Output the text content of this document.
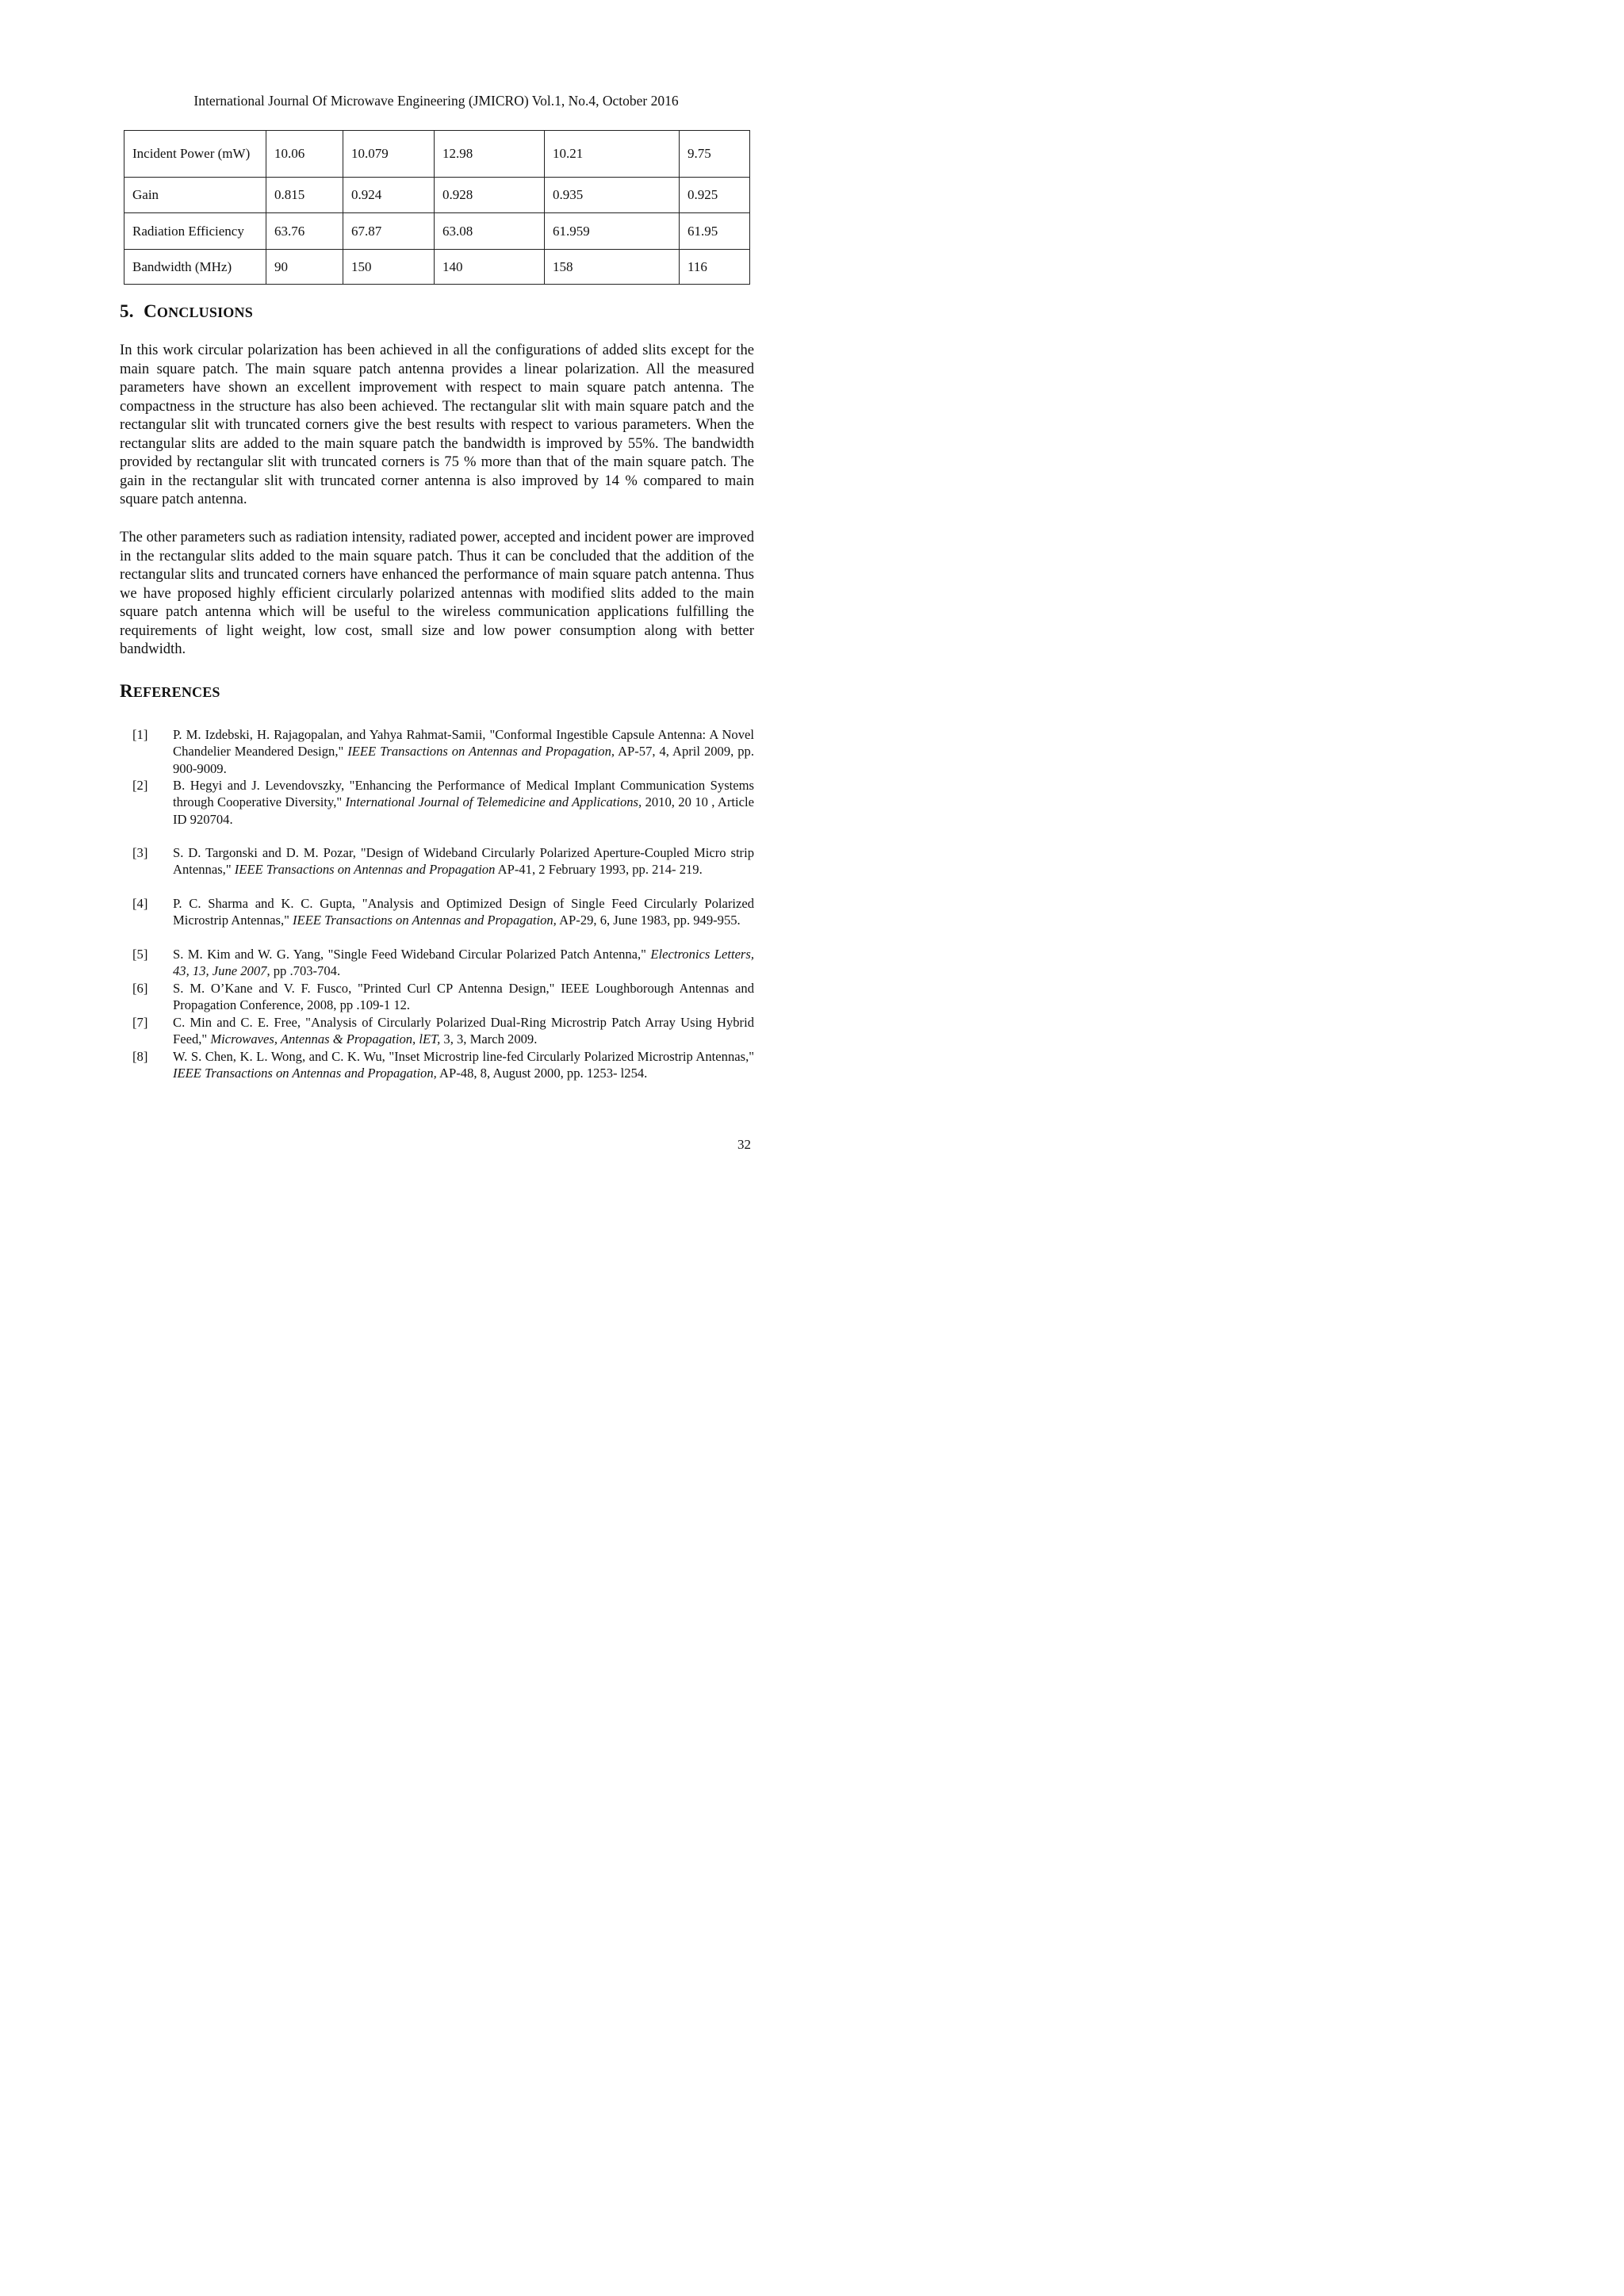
International Journal Of Microwave Engineering (JMICRO) Vol.1, No.4, October 2016
Incident Power (mW)	10.06	10.079	12.98	10.21	9.75
Gain	0.815	0.924	0.928	0.935	0.925
Radiation Efficiency	63.76	67.87	63.08	61.959	61.95
Bandwidth (MHz)	90	150	140	158	116
5. CONCLUSIONS

In this work circular polarization has been achieved in all the configurations of added slits except for the main square patch. The main square patch antenna provides a linear polarization. All the measured parameters have shown an excellent improvement with respect to main square patch antenna. The compactness in the structure has also been achieved. The rectangular slit with main square patch and the rectangular slit with truncated corners give the best results with respect to various parameters. When the rectangular slits are added to the main square patch the bandwidth is improved by 55%. The bandwidth provided by rectangular slit with truncated corners is 75 % more than that of the main square patch. The gain in the rectangular slit with truncated corner antenna is also improved by 14 % compared to main square patch antenna.

The other parameters such as radiation intensity, radiated power, accepted and incident power are improved in the rectangular slits added to the main square patch. Thus it can be concluded that the addition of the rectangular slits and truncated corners have enhanced the performance of main square patch antenna. Thus we have proposed highly efficient circularly polarized antennas with modified slits added to the main square patch antenna which will be useful to the wireless communication applications fulfilling the requirements of light weight, low cost, small size and low power consumption along with better bandwidth.

REFERENCES
[1] P. M. Izdebski, H. Rajagopalan, and Yahya Rahmat-Samii, "Conformal Ingestible Capsule Antenna: A Novel Chandelier Meandered Design," IEEE Transactions on Antennas and Propagation, AP-57, 4, April 2009, pp. 900-9009.
[2] B. Hegyi and J. Levendovszky, "Enhancing the Performance of Medical Implant Communication Systems through Cooperative Diversity," International Journal of Telemedicine and Applications, 2010, 20 10 , Article ID 920704.
[3] S. D. Targonski and D. M. Pozar, "Design of Wideband Circularly Polarized Aperture-Coupled Micro strip Antennas," IEEE Transactions on Antennas and Propagation AP-41, 2 February 1993, pp. 214- 219.
[4] P. C. Sharma and K. C. Gupta, "Analysis and Optimized Design of Single Feed Circularly Polarized Microstrip Antennas," IEEE Transactions on Antennas and Propagation, AP-29, 6, June 1983, pp. 949-955.
[5] S. M. Kim and W. G. Yang, "Single Feed Wideband Circular Polarized Patch Antenna," Electronics Letters, 43, 13, June 2007, pp .703-704.
[6] S. M. O’Kane and V. F. Fusco, "Printed Curl CP Antenna Design," IEEE Loughborough Antennas and Propagation Conference, 2008, pp .109-1 12.
[7] C. Min and C. E. Free, "Analysis of Circularly Polarized Dual-Ring Microstrip Patch Array Using Hybrid Feed," Microwaves, Antennas & Propagation, lET, 3, 3, March 2009.
[8] W. S. Chen, K. L. Wong, and C. K. Wu, "Inset Microstrip line-fed Circularly Polarized Microstrip Antennas," IEEE Transactions on Antennas and Propagation, AP-48, 8, August 2000, pp. 1253- l254.
32
